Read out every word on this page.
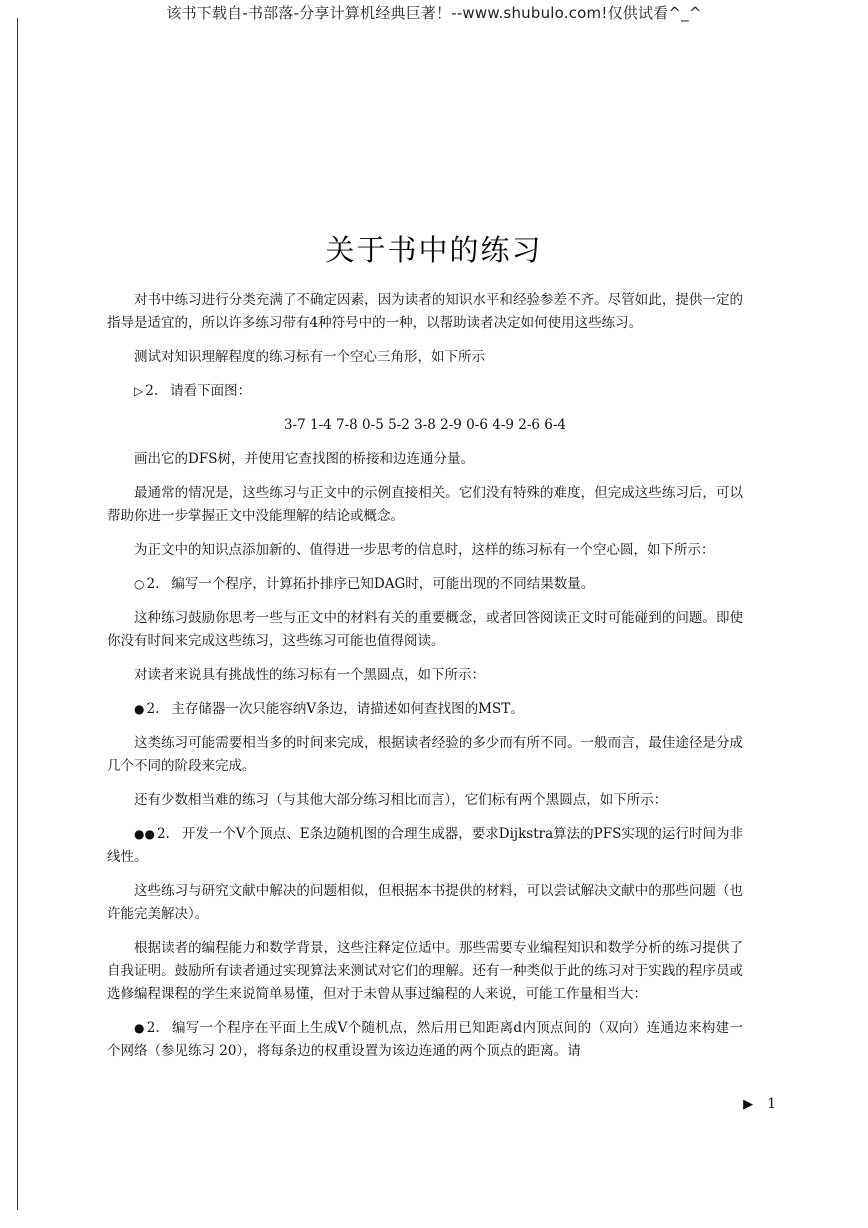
该书下载自-书部落-分享计算机经典巨著！--www.shubulo.com!仅供试看^_^
关于书中的练习

对书中练习进行分类充满了不确定因素，因为读者的知识水平和经验参差不齐。尽管如此，提供一定的指导是适宜的，所以许多练习带有4种符号中的一种，以帮助读者决定如何使用这些练习。

测试对知识理解程度的练习标有一个空心三角形，如下所示

▷ 2. 请看下面图：

3-7 1-4 7-8 0-5 5-2 3-8 2-9 0-6 4-9 2-6 6-4

画出它的DFS树，并使用它查找图的桥接和边连通分量。

最通常的情况是，这些练习与正文中的示例直接相关。它们没有特殊的难度，但完成这些练习后，可以帮助你进一步掌握正文中没能理解的结论或概念。

为正文中的知识点添加新的、值得进一步思考的信息时，这样的练习标有一个空心圆，如下所示：

○ 2. 编写一个程序，计算拓扑排序已知DAG时，可能出现的不同结果数量。

这种练习鼓励你思考一些与正文中的材料有关的重要概念，或者回答阅读正文时可能碰到的问题。即使你没有时间来完成这些练习，这些练习可能也值得阅读。

对读者来说具有挑战性的练习标有一个黑圆点，如下所示：

● 2. 主存储器一次只能容纳V条边，请描述如何查找图的MST。

这类练习可能需要相当多的时间来完成，根据读者经验的多少而有所不同。一般而言，最佳途径是分成几个不同的阶段来完成。

还有少数相当难的练习（与其他大部分练习相比而言），它们标有两个黑圆点，如下所示：

●● 2. 开发一个V个顶点、E条边随机图的合理生成器，要求Dijkstra算法的PFS实现的运行时间为非线性。

这些练习与研究文献中解决的问题相似，但根据本书提供的材料，可以尝试解决文献中的那些问题（也许能完美解决）。

根据读者的编程能力和数学背景，这些注释定位适中。那些需要专业编程知识和数学分析的练习提供了自我证明。鼓励所有读者通过实现算法来测试对它们的理解。还有一种类似于此的练习对于实践的程序员或选修编程课程的学生来说简单易懂，但对于未曾从事过编程的人来说，可能工作量相当大：

● 2. 编写一个程序在平面上生成V个随机点，然后用已知距离d内顶点间的（双向）连通边来构建一个网络（参见练习 20），将每条边的权重设置为该边连通的两个顶点的距离。请

▶ 1
